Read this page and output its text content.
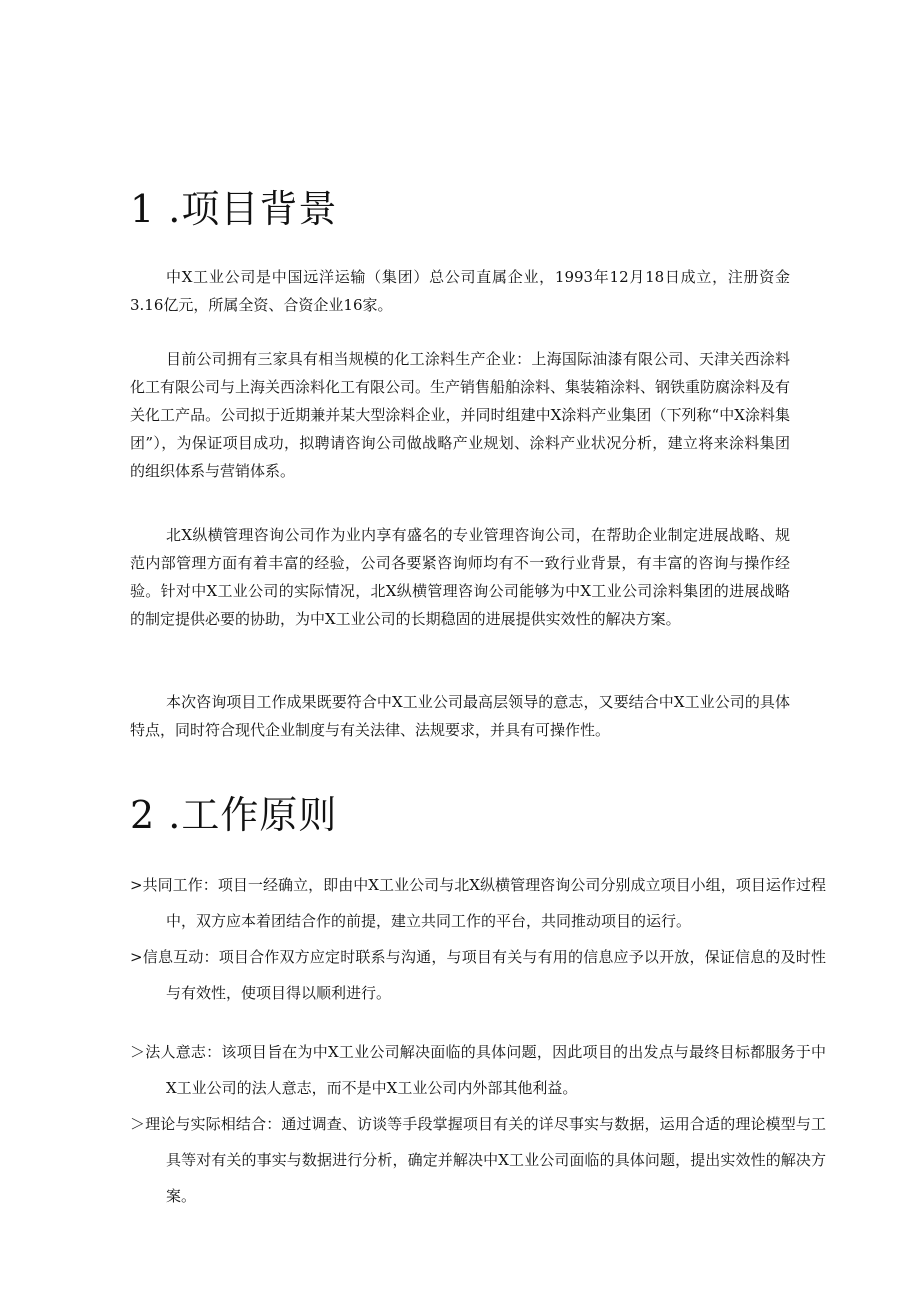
1 .项目背景

中X工业公司是中国远洋运输（集团）总公司直属企业，1993年12月18日成立，注册资金3.16亿元，所属全资、合资企业16家。

目前公司拥有三家具有相当规模的化工涂料生产企业：上海国际油漆有限公司、天津关西涂料化工有限公司与上海关西涂料化工有限公司。生产销售船舶涂料、集装箱涂料、钢铁重防腐涂料及有关化工产品。公司拟于近期兼并某大型涂料企业，并同时组建中X涂料产业集团（下列称“中X涂料集团”），为保证项目成功，拟聘请咨询公司做战略产业规划、涂料产业状况分析，建立将来涂料集团的组织体系与营销体系。

北X纵横管理咨询公司作为业内享有盛名的专业管理咨询公司，在帮助企业制定进展战略、规范内部管理方面有着丰富的经验，公司各要紧咨询师均有不一致行业背景，有丰富的咨询与操作经验。针对中X工业公司的实际情况，北X纵横管理咨询公司能够为中X工业公司涂料集团的进展战略的制定提供必要的协助，为中X工业公司的长期稳固的进展提供实效性的解决方案。

本次咨询项目工作成果既要符合中X工业公司最高层领导的意志，又要结合中X工业公司的具体特点，同时符合现代企业制度与有关法律、法规要求，并具有可操作性。

2 .工作原则

>共同工作：项目一经确立，即由中X工业公司与北X纵横管理咨询公司分别成立项目小组，项目运作过程中，双方应本着团结合作的前提，建立共同工作的平台，共同推动项目的运行。

>信息互动：项目合作双方应定时联系与沟通，与项目有关与有用的信息应予以开放，保证信息的及时性与有效性，使项目得以顺利进行。

＞法人意志：该项目旨在为中X工业公司解决面临的具体问题，因此项目的出发点与最终目标都服务于中X工业公司的法人意志，而不是中X工业公司内外部其他利益。

＞理论与实际相结合：通过调查、访谈等手段掌握项目有关的详尽事实与数据，运用合适的理论模型与工具等对有关的事实与数据进行分析，确定并解决中X工业公司面临的具体问题，提出实效性的解决方案。
